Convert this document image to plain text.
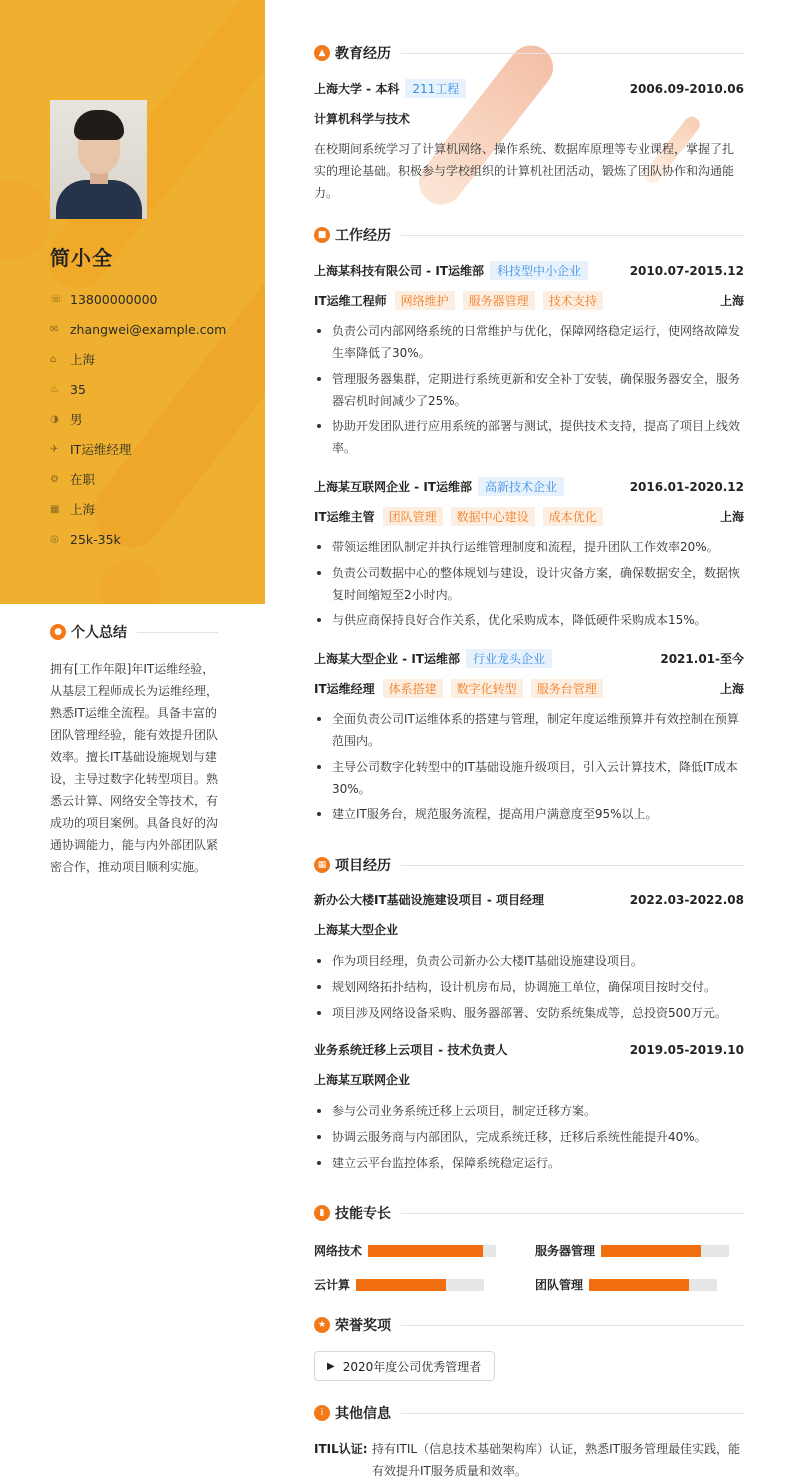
简小全
☏ 13800000000
✉ zhangwei@example.com
⌂	上海
♨ 35
◑ 男
✈ IT运维经理
⚙ 在职
▦ 上海
◎ 25k-35k
● 个人总结

拥有[工作年限]年IT运维经验，从基层工程师成长为运维经理，熟悉IT运维全流程。具备丰富的团队管理经验，能有效提升团队效率。擅长IT基础设施规划与建设，主导过数字化转型项目。熟悉云计算、网络安全等技术，有成功的项目案例。具备良好的沟通协调能力，能与内外部团队紧密合作，推动项目顺利实施。

▲ 教育经历
上海大学 - 本科 211工程	2006.09-2010.06
计算机科学与技术
在校期间系统学习了计算机网络、操作系统、数据库原理等专业课程，掌握了扎实的理论基础。积极参与学校组织的计算机社团活动，锻炼了团队协作和沟通能力。
■ 工作经历
上海某科技有限公司 - IT运维部 科技型中小企业	2010.07-2015.12
IT运维工程师 网络维护 服务器管理 技术支持	上海
负责公司内部网络系统的日常维护与优化，保障网络稳定运行，使网络故障发生率降低了30%。
管理服务器集群，定期进行系统更新和安全补丁安装，确保服务器安全，服务器宕机时间减少了25%。
协助开发团队进行应用系统的部署与测试，提供技术支持，提高了项目上线效率。
上海某互联网企业 - IT运维部 高新技术企业	2016.01-2020.12
IT运维主管 团队管理 数据中心建设 成本优化	上海
带领运维团队制定并执行运维管理制度和流程，提升团队工作效率20%。
负责公司数据中心的整体规划与建设，设计灾备方案，确保数据安全，数据恢复时间缩短至2小时内。
与供应商保持良好合作关系，优化采购成本，降低硬件采购成本15%。
上海某大型企业 - IT运维部 行业龙头企业	2021.01-至今
IT运维经理 体系搭建 数字化转型 服务台管理	上海
全面负责公司IT运维体系的搭建与管理，制定年度运维预算并有效控制在预算范围内。
主导公司数字化转型中的IT基础设施升级项目，引入云计算技术，降低IT成本30%。
建立IT服务台，规范服务流程，提高用户满意度至95%以上。
▦ 项目经历
新办公大楼IT基础设施建设项目 - 项目经理	2022.03-2022.08
上海某大型企业
作为项目经理，负责公司新办公大楼IT基础设施建设项目。
规划网络拓扑结构，设计机房布局，协调施工单位，确保项目按时交付。
项目涉及网络设备采购、服务器部署、安防系统集成等，总投资500万元。
业务系统迁移上云项目 - 技术负责人	2019.05-2019.10
上海某互联网企业
参与公司业务系统迁移上云项目，制定迁移方案。
协调云服务商与内部团队，完成系统迁移，迁移后系统性能提升40%。
建立云平台监控体系，保障系统稳定运行。
▮ 技能专长
网络技术	服务器管理
云计算	团队管理
★ 荣誉奖项
▶ 2020年度公司优秀管理者
i 其他信息
ITIL认证: 持有ITIL（信息技术基础架构库）认证，熟悉IT服务管理最佳实践，能有效提升IT服务质量和效率。
